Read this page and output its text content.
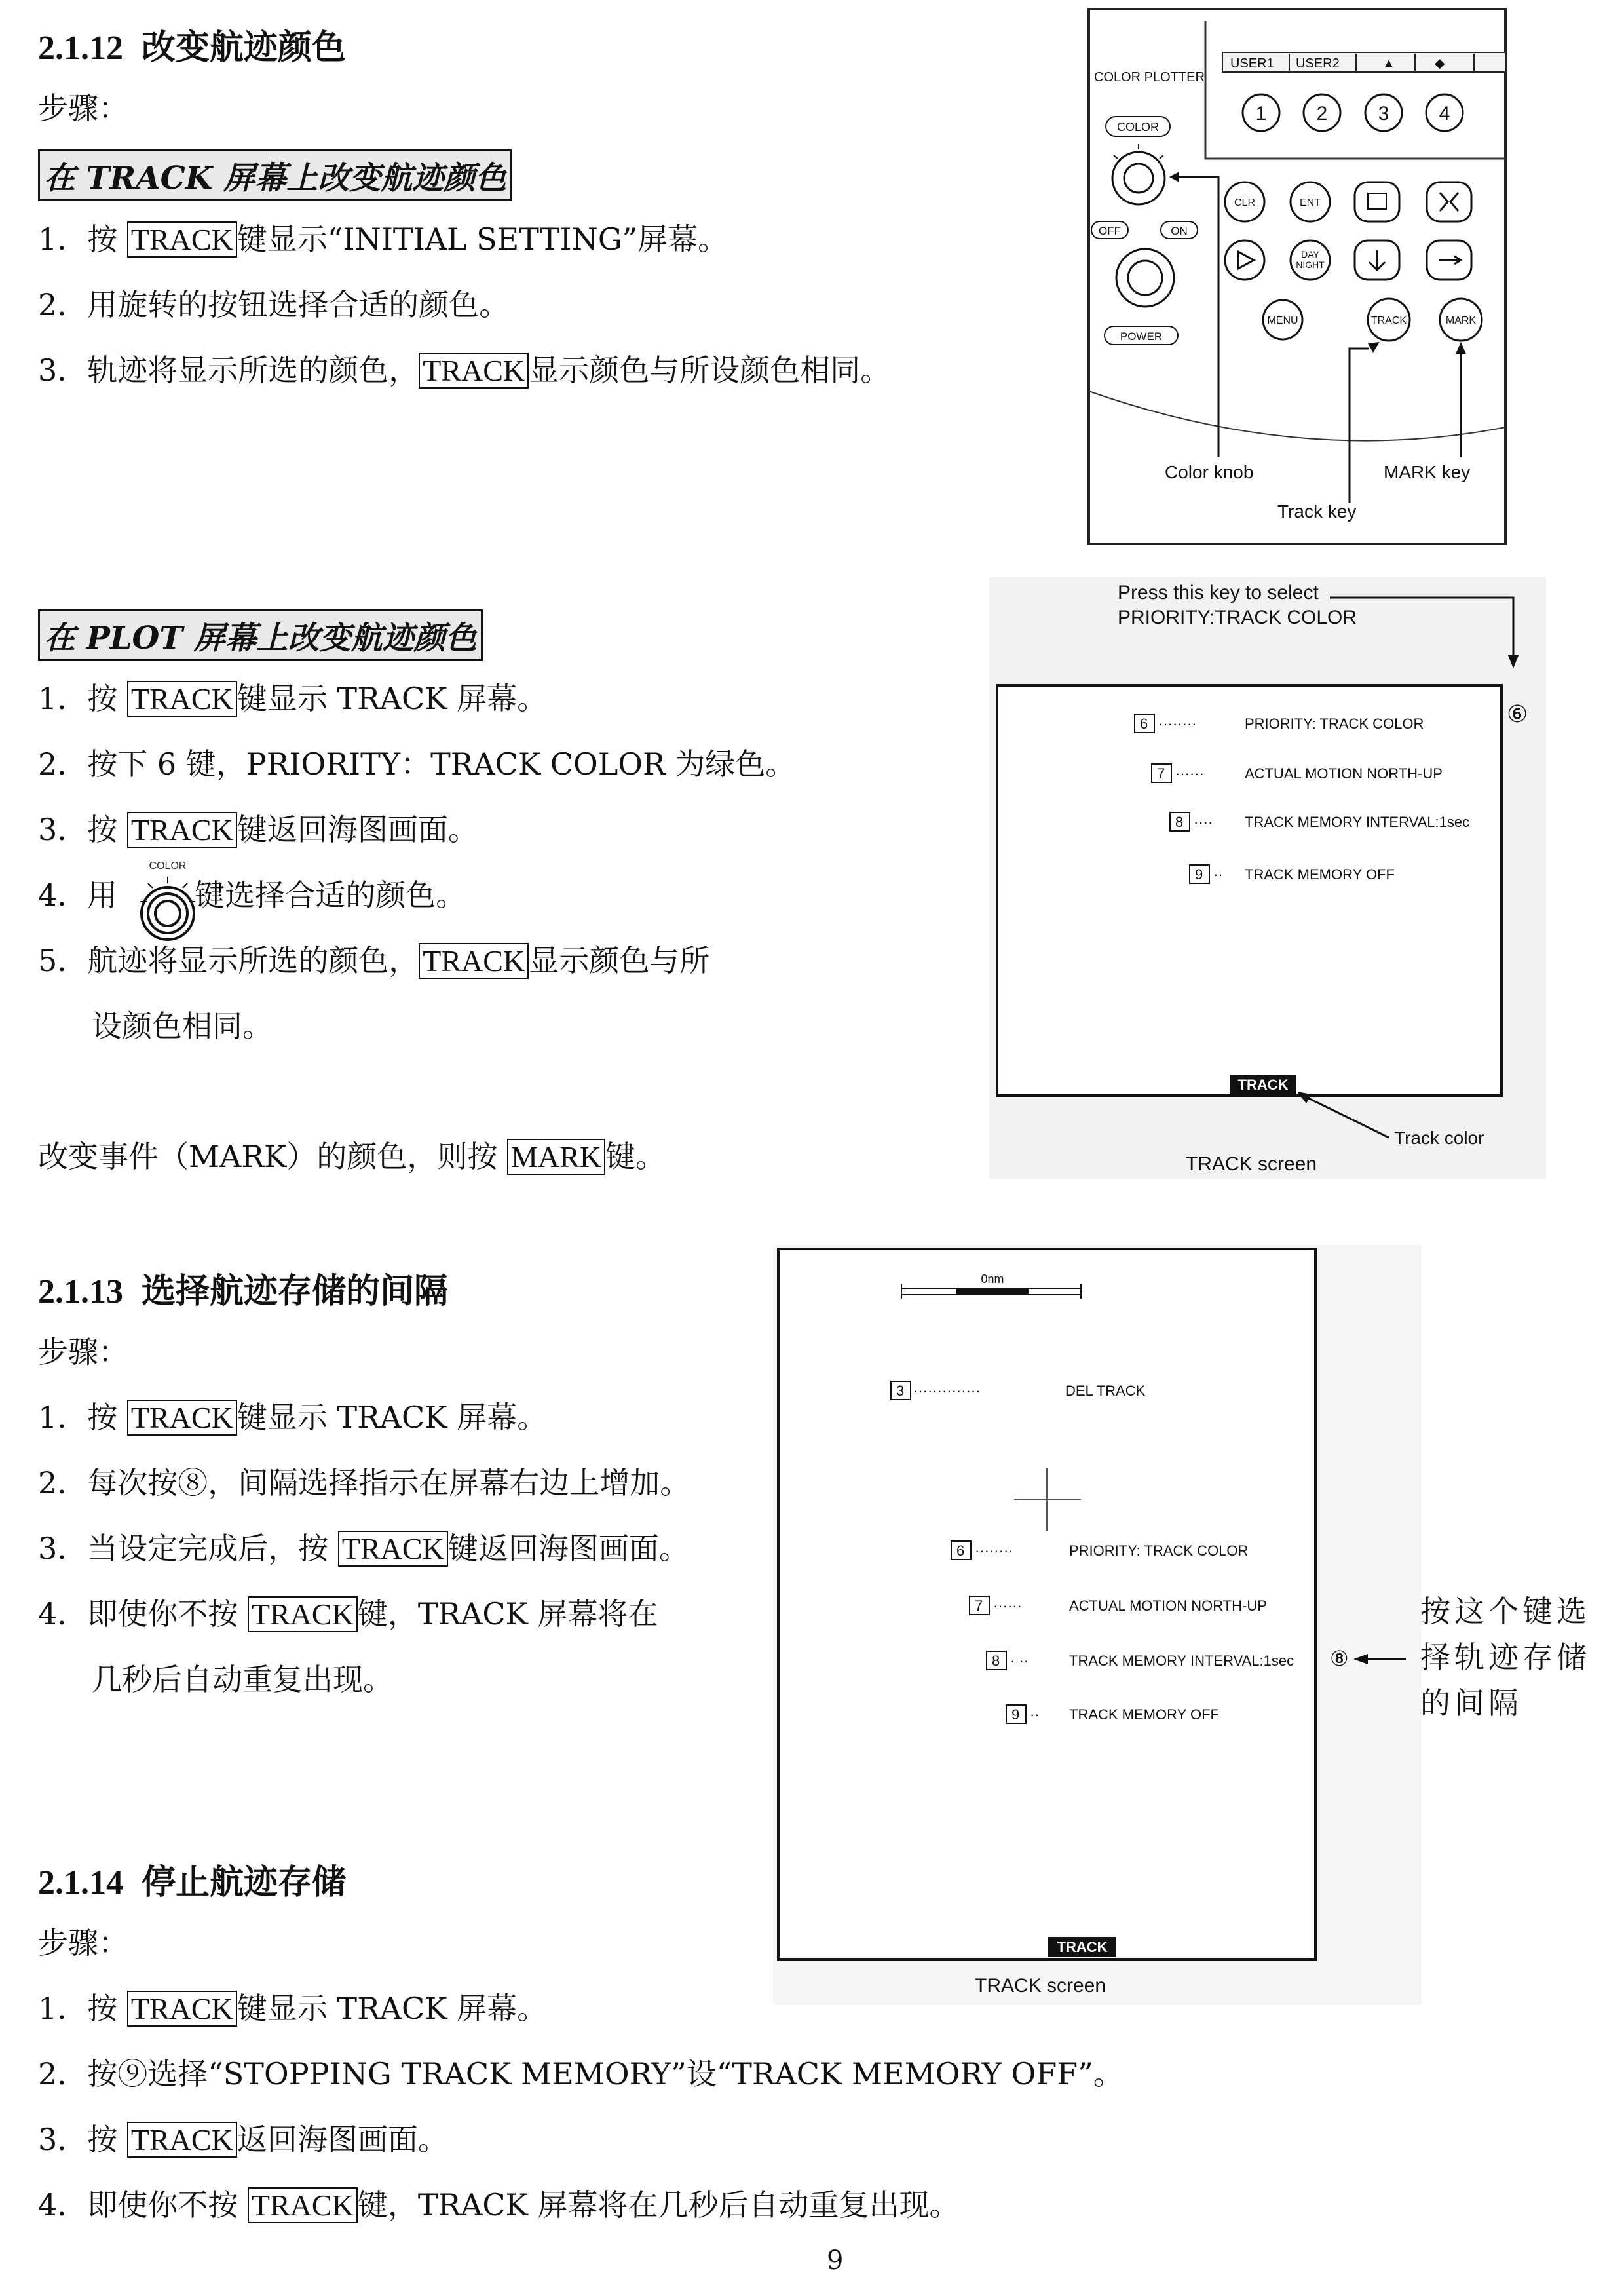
2.1.12 改变航迹颜色
步骤：
在 TRACK 屏幕上改变航迹颜色
1．按 TRACK 键显示“INITIAL SETTING”屏幕。
2．用旋转的按钮选择合适的颜色。
3．轨迹将显示所选的颜色， TRACK 显示颜色与所设颜色相同。
在 PLOT 屏幕上改变航迹颜色
1．按 TRACK 键显示 TRACK 屏幕。
2．按下 6 键，PRIORITY：TRACK COLOR 为绿色。
3．按 TRACK 键返回海图画面。
4．用	键选择合适的颜色。
COLOR
5．航迹将显示所选的颜色， TRACK 显示颜色与所
设颜色相同。
改变事件（MARK）的颜色，则按 MARK 键。
USER1 USER2	▲	◆
COLOR PLOTTER
1	2	3	4
COLOR
OFF	ON
POWER
CLR	ENT
DAY
NIGHT
MENU	TRACK	MARK
Color knob	MARK key
Track key
Press this key to select
PRIORITY:TRACK COLOR
⑥
6 ········	PRIORITY: TRACK COLOR
7 ······	ACTUAL MOTION NORTH-UP
8 ···· TRACK MEMORY INTERVAL:1sec
9 ·· TRACK MEMORY OFF
TRACK
Track color
TRACK screen
2.1.13 选择航迹存储的间隔
步骤：
1．按 TRACK 键显示 TRACK 屏幕。
2．每次按⑧，间隔选择指示在屏幕右边上增加。
3．当设定完成后，按 TRACK 键返回海图画面。
4．即使你不按 TRACK 键，TRACK 屏幕将在
几秒后自动重复出现。
0nm
3 ··············	DEL TRACK
6 ········	PRIORITY: TRACK COLOR
7 ······	ACTUAL MOTION NORTH-UP
8 · ··	TRACK MEMORY INTERVAL:1sec
9 ·· TRACK MEMORY OFF
⑧
TRACK
TRACK screen
按这个键选
择轨迹存储
的间隔
2.1.14 停止航迹存储
步骤：
1．按 TRACK 键显示 TRACK 屏幕。
2．按⑨选择“STOPPING TRACK MEMORY”设“TRACK MEMORY OFF”。
3．按 TRACK 返回海图画面。
4．即使你不按 TRACK 键，TRACK 屏幕将在几秒后自动重复出现。
9
